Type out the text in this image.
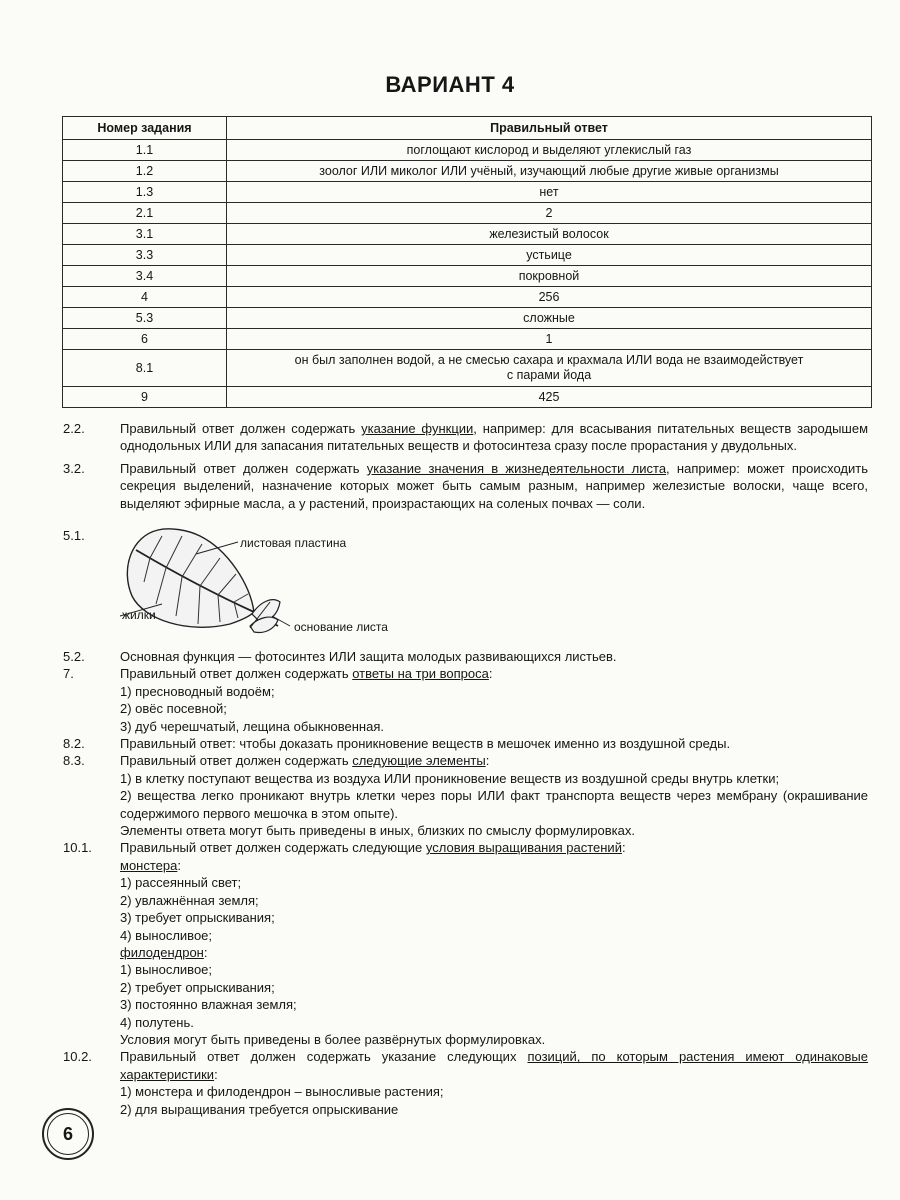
ВАРИАНТ 4
Номер задания	Правильный ответ
1.1	поглощают кислород и выделяют углекислый газ
1.2	зоолог ИЛИ миколог ИЛИ учёный, изучающий любые другие живые организмы
1.3	нет
2.1	2
3.1	железистый волосок
3.3	устьице
3.4	покровной
4	256
5.3	сложные
6	1
8.1	он был заполнен водой, а не смесью сахара и крахмала ИЛИ вода не взаимодействует
с парами йода
9	425
2.2.	Правильный ответ должен содержать указание функции, например: для всасывания питательных веществ зародышем однодольных ИЛИ для запасания питательных веществ и фотосинтеза сразу после прорастания у двудольных.
3.2.	Правильный ответ должен содержать указание значения в жизнедеятельности листа, например: может происходить секреция выделений, назначение которых может быть самым разным, например железистые волоски, чаще всего, выделяют эфирные масла, а у растений, произрастающих на соленых почвах — соли.
5.1.	листовая пластина
жилки
основание листа
5.2.	Основная функция — фотосинтез ИЛИ защита молодых развивающихся листьев.
7.	Правильный ответ должен содержать ответы на три вопроса:
1) пресноводный водоём;
2) овёс посевной;
3) дуб черешчатый, лещина обыкновенная.
8.2.	Правильный ответ: чтобы доказать проникновение веществ в мешочек именно из воздушной среды.
8.3.	Правильный ответ должен содержать следующие элементы:
1) в клетку поступают вещества из воздуха ИЛИ проникновение веществ из воздушной среды внутрь клетки;
2) вещества легко проникают внутрь клетки через поры ИЛИ факт транспорта веществ через мембрану (окрашивание содержимого первого мешочка в этом опыте).
Элементы ответа могут быть приведены в иных, близких по смыслу формулировках.
10.1. Правильный ответ должен содержать следующие условия выращивания растений:
монстера:
1) рассеянный свет;
2) увлажнённая земля;
3) требует опрыскивания;
4) выносливое;
филодендрон:
1) выносливое;
2) требует опрыскивания;
3) постоянно влажная земля;
4) полутень.
Условия могут быть приведены в более развёрнутых формулировках.
10.2. Правильный ответ должен содержать указание следующих позиций, по которым растения имеют одинаковые характеристики:
1) монстера и филодендрон – выносливые растения;
2) для выращивания требуется опрыскивание
6
